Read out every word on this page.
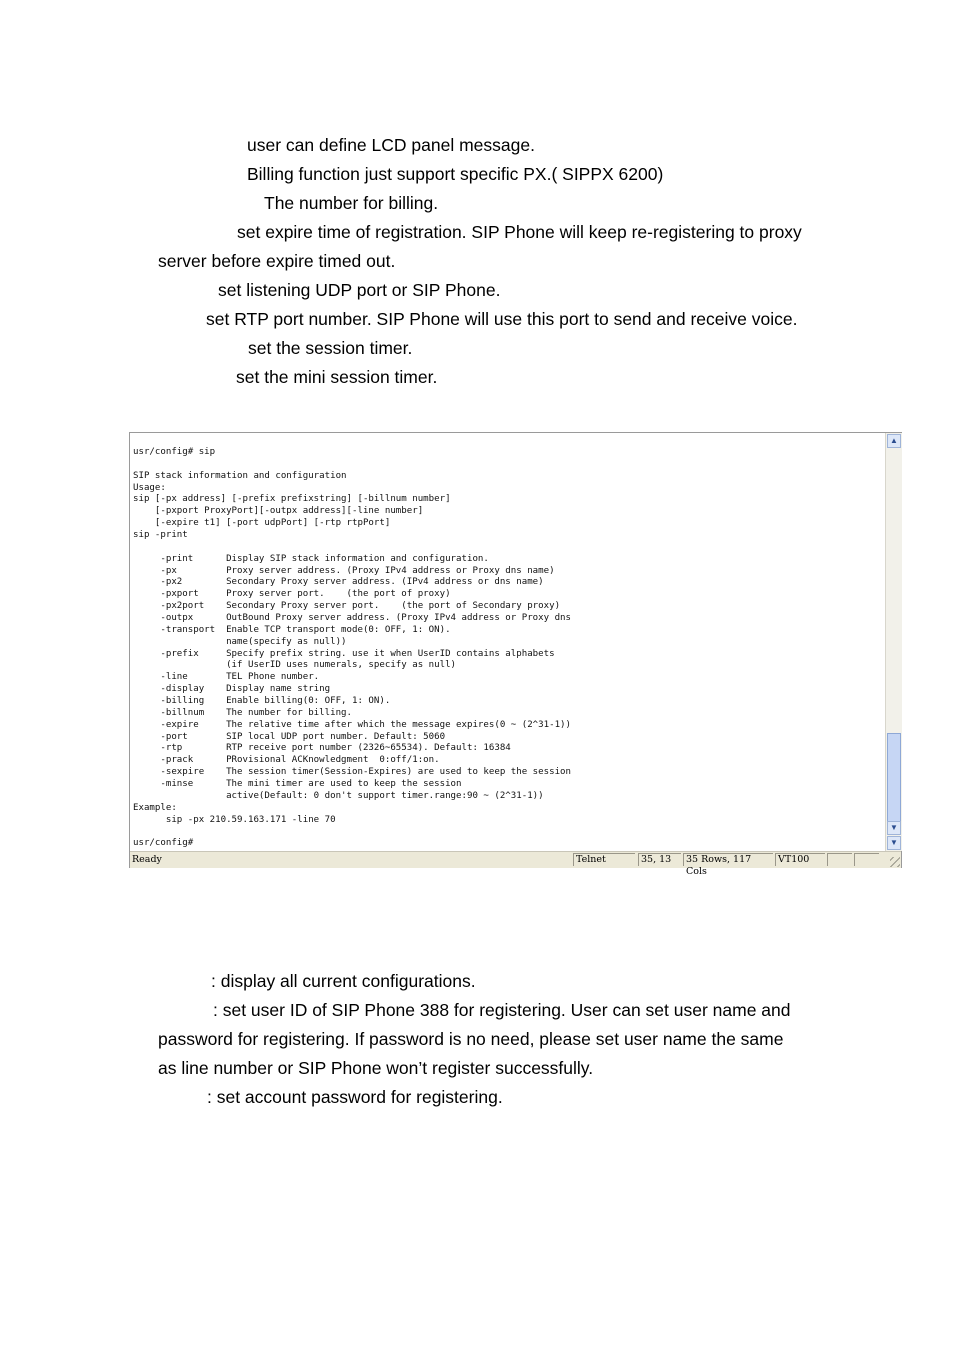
user can define LCD panel message.
Billing function just support specific PX.( SIPPX 6200)
The number for billing.
set expire time of registration. SIP Phone will keep re-registering to proxy
server before expire timed out.
set listening UDP port or SIP Phone.
set RTP port number. SIP Phone will use this port to send and receive voice.
set the session timer.
set the mini session timer.
usr/config# sip

SIP stack information and configuration
Usage:
sip [-px address] [-prefix prefixstring] [-billnum number]
[-pxport ProxyPort][-outpx address][-line number]
[-expire t1] [-port udpPort] [-rtp rtpPort]
sip -print

-print      Display SIP stack information and configuration.
-px         Proxy server address. (Proxy IPv4 address or Proxy dns name)
-px2        Secondary Proxy server address. (IPv4 address or dns name)
-pxport     Proxy server port.    (the port of proxy)
-px2port    Secondary Proxy server port.    (the port of Secondary proxy)
-outpx      OutBound Proxy server address. (Proxy IPv4 address or Proxy dns
-transport  Enable TCP transport mode(0: OFF, 1: ON).
name(specify as null))
-prefix     Specify prefix string. use it when UserID contains alphabets
(if UserID uses numerals, specify as null)
-line       TEL Phone number.
-display    Display name string
-billing    Enable billing(0: OFF, 1: ON).
-billnum    The number for billing.
-expire     The relative time after which the message expires(0 ~ (2^31-1))
-port       SIP local UDP port number. Default: 5060
-rtp        RTP receive port number (2326~65534). Default: 16384
-prack      PRovisional ACKnowledgment  0:off/1:on.
-sexpire    The session timer(Session-Expires) are used to keep the session
-minse      The mini timer are used to keep the session
active(Default: 0 don't support timer.range:90 ~ (2^31-1))
Example:
sip -px 210.59.163.171 -line 70

usr/config#
▲
▼
▼
Ready	Telnet	35, 13	35 Rows, 117 Cols
VT100
: display all current configurations.
: set user ID of SIP Phone 388 for registering. User can set user name and
password for registering. If password is no need, please set user name the same
as line number or SIP Phone won’t register successfully.
: set account password for registering.
